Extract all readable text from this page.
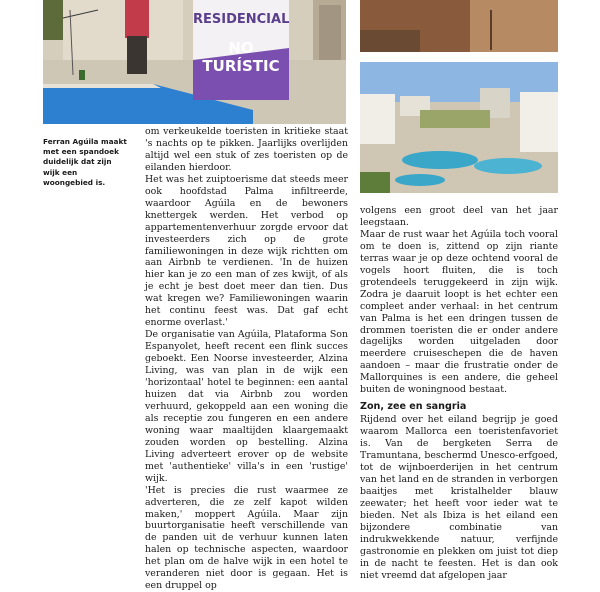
RESIDENCIAL
NO TURÍSTIC
Ferran Agúila maakt met een spandoek duidelijk dat zijn wijk een woongebied is.

om verkeukelde toeristen in kritieke staat 's nachts op te pikken. Jaarlijks overlijden altijd wel een stuk of zes toeristen op de eilanden hierdoor.

Het was het zuiptoerisme dat steeds meer ook hoofdstad Palma infiltreerde, waardoor Agúila en de bewoners knettergek werden. Het verbod op appartementenverhuur zorgde ervoor dat investeerders zich op de grote familiewoningen in deze wijk richtten om aan Airbnb te verdienen. 'In de huizen hier kan je zo een man of zes kwijt, of als je echt je best doet meer dan tien. Dus wat kregen we? Familiewoningen waarin het continu feest was. Dat gaf echt enorme overlast.'

De organisatie van Agúila, Plataforma Son Espanyolet, heeft recent een flink succes geboekt. Een Noorse investeerder, Alzina Living, was van plan in de wijk een 'horizontaal' hotel te beginnen: een aantal huizen dat via Airbnb zou worden verhuurd, gekoppeld aan een woning die als receptie zou fungeren en een andere woning waar maaltijden klaargemaakt zouden worden op bestelling. Alzina Living adverteert erover op de website met 'authentieke' villa's in een 'rustige' wijk.

'Het is precies die rust waarmee ze adverteren, die ze zelf kapot wilden maken,' moppert Agúila. Maar zijn buurtorganisatie heeft verschillende van de panden uit de verhuur kunnen laten halen op technische aspecten, waardoor het plan om de halve wijk in een hotel te veranderen niet door is gegaan. Het is een druppel op

volgens een groot deel van het jaar leegstaan.

Maar de rust waar het Agúila toch vooral om te doen is, zittend op zijn riante terras waar je op deze ochtend vooral de vogels hoort fluiten, die is toch grotendeels teruggekeerd in zijn wijk. Zodra je daaruit loopt is het echter een compleet ander verhaal: in het centrum van Palma is het een dringen tussen de drommen toeristen die er onder andere dagelijks worden uitgeladen door meerdere cruiseschepen die de haven aandoen – maar die frustratie onder de Mallorquines is een andere, die geheel buiten de woningnood bestaat.

Zon, zee en sangria

Rijdend over het eiland begrijp je goed waarom Mallorca een toeristenfavoriet is. Van de bergketen Serra de Tramuntana, beschermd Unesco-erfgoed, tot de wijnboerderijen in het centrum van het land en de stranden in verborgen baaitjes met kristalhelder blauw zeewater; het heeft voor ieder wat te bieden. Net als Ibiza is het eiland een bijzondere combinatie van indrukwekkende natuur, verfijnde gastronomie en plekken om juist tot diep in de nacht te feesten. Het is dan ook niet vreemd dat afgelopen jaar
